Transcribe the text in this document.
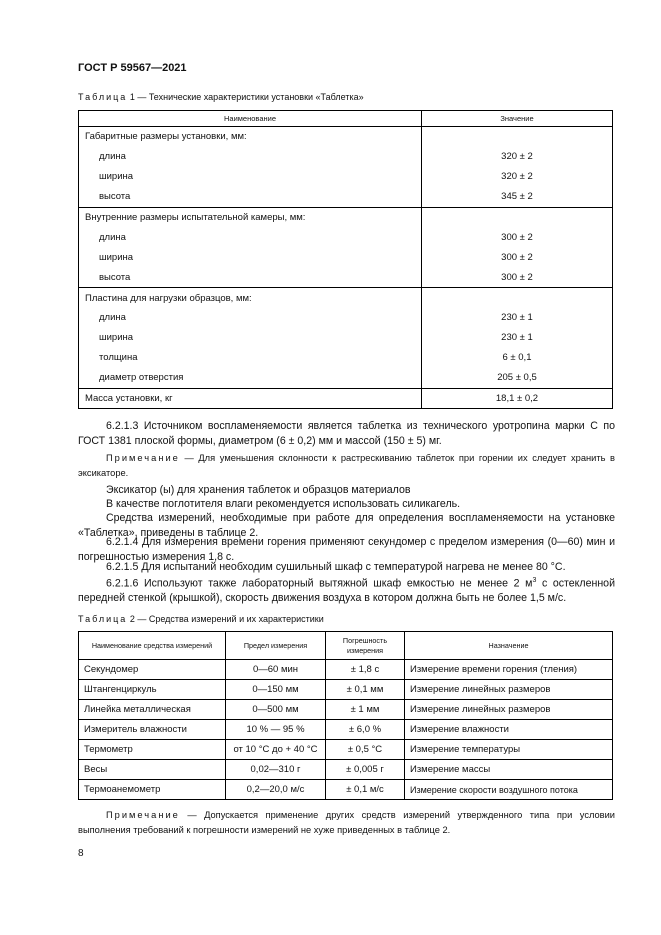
ГОСТ Р 59567—2021
Таблица 1 — Технические характеристики установки «Таблетка»
Наименование	Значение
Габаритные размеры установки, мм:	
длина	320 ± 2
ширина	320 ± 2
высота	345 ± 2
Внутренние размеры испытательной камеры, мм:	
длина	300 ± 2
ширина	300 ± 2
высота	300 ± 2
Пластина для нагрузки образцов, мм:	
длина	230 ± 1
ширина	230 ± 1
толщина	6 ± 0,1
диаметр отверстия	205 ± 0,5
Масса установки, кг	18,1 ± 0,2
6.2.1.3 Источником воспламеняемости является таблетка из технического уротропина марки С по ГОСТ 1381 плоской формы, диаметром (6 ± 0,2) мм и массой (150 ± 5) мг.
Примечание — Для уменьшения склонности к растрескиванию таблеток при горении их следует хранить в эксикаторе.
Эксикатор (ы) для хранения таблеток и образцов материалов
В качестве поглотителя влаги рекомендуется использовать силикагель.
Средства измерений, необходимые при работе для определения воспламеняемости на установке «Таблетка», приведены в таблице 2.
6.2.1.4 Для измерения времени горения применяют секундомер с пределом измерения (0—60) мин и погрешностью измерения 1,8 с.
6.2.1.5 Для испытаний необходим сушильный шкаф с температурой нагрева не менее 80 °С.
6.2.1.6 Используют также лабораторный вытяжной шкаф емкостью не менее 2 $м^3$ с остекленной передней стенкой (крышкой), скорость движения воздуха в котором должна быть не более 1,5 м/с.
Таблица 2 — Средства измерений и их характеристики
Наименование средства измерений	Предел измерения	Погрешность измерения	Назначение
Секундомер	0—60 мин	± 1,8 с	Измерение времени горения (тления)
Штангенциркуль	0—150 мм	± 0,1 мм	Измерение линейных размеров
Линейка металлическая	0—500 мм	± 1 мм	Измерение линейных размеров
Измеритель влажности	10 % — 95 %	± 6,0 %	Измерение влажности
Термометр	от 10 °С до + 40 °С	± 0,5 °С	Измерение температуры
Весы	0,02—310 г	± 0,005 г	Измерение массы
Термоанемометр	0,2—20,0 м/с	± 0,1 м/с	Измерение скорости воздушного потока
Примечание — Допускается применение других средств измерений утвержденного типа при условии выполнения требований к погрешности измерений не хуже приведенных в таблице 2.
8
